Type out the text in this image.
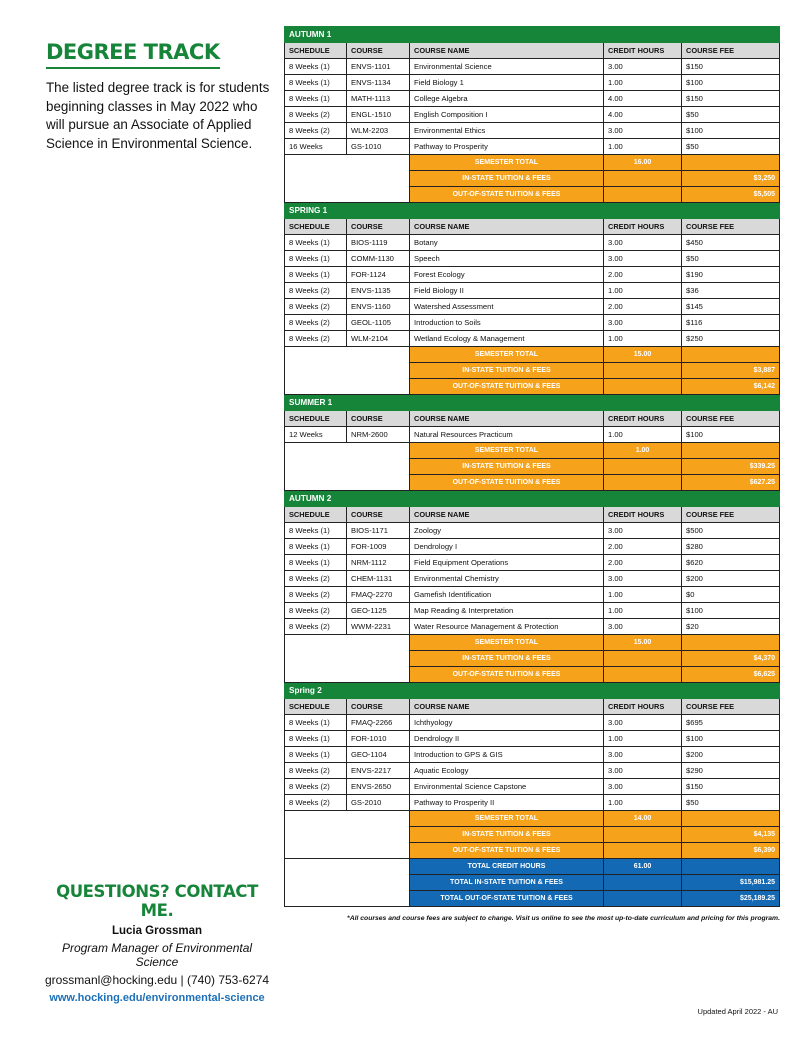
DEGREE TRACK
The listed degree track is for students beginning classes in May 2022 who will pursue an Associate of Applied Science in Environmental Science.
AUTUMN 1				
SCHEDULE	COURSE	COURSE NAME	CREDIT HOURS	COURSE FEE
8 Weeks (1)	ENVS-1101	Environmental Science	3.00	$150
8 Weeks (1)	ENVS-1134	Field Biology 1	1.00	$100
8 Weeks (1)	MATH-1113	College Algebra	4.00	$150
8 Weeks (2)	ENGL-1510	English Composition I	4.00	$50
8 Weeks (2)	WLM-2203	Environmental Ethics	3.00	$100
16 Weeks	GS-1010	Pathway to Prosperity	1.00	$50
		SEMESTER TOTAL	16.00	
		IN-STATE TUITION & FEES		$3,250
		OUT-OF-STATE TUITION & FEES		$5,505
SPRING 1				
SCHEDULE	COURSE	COURSE NAME	CREDIT HOURS	COURSE FEE
8 Weeks (1)	BIOS-1119	Botany	3.00	$450
8 Weeks (1)	COMM-1130	Speech	3.00	$50
8 Weeks (1)	FOR-1124	Forest Ecology	2.00	$190
8 Weeks (2)	ENVS-1135	Field Biology II	1.00	$36
8 Weeks (2)	ENVS-1160	Watershed Assessment	2.00	$145
8 Weeks (2)	GEOL-1105	Introduction to Soils	3.00	$116
8 Weeks (2)	WLM-2104	Wetland Ecology & Management	1.00	$250
		SEMESTER TOTAL	15.00	
		IN-STATE TUITION & FEES		$3,887
		OUT-OF-STATE TUITION & FEES		$6,142
SUMMER 1				
SCHEDULE	COURSE	COURSE NAME	CREDIT HOURS	COURSE FEE
12 Weeks	NRM-2600	Natural Resources Practicum	1.00	$100
		SEMESTER TOTAL	1.00	
		IN-STATE TUITION & FEES		$339.25
		OUT-OF-STATE TUITION & FEES		$627.25
AUTUMN 2				
SCHEDULE	COURSE	COURSE NAME	CREDIT HOURS	COURSE FEE
8 Weeks (1)	BIOS-1171	Zoology	3.00	$500
8 Weeks (1)	FOR-1009	Dendrology I	2.00	$280
8 Weeks (1)	NRM-1112	Field Equipment Operations	2.00	$620
8 Weeks (2)	CHEM-1131	Environmental Chemistry	3.00	$200
8 Weeks (2)	FMAQ-2270	Gamefish Identification	1.00	$0
8 Weeks (2)	GEO-1125	Map Reading & Interpretation	1.00	$100
8 Weeks (2)	WWM-2231	Water Resource Management & Protection	3.00	$20
		SEMESTER TOTAL	15.00	
		IN-STATE TUITION & FEES		$4,370
		OUT-OF-STATE TUITION & FEES		$6,625
Spring 2				
SCHEDULE	COURSE	COURSE NAME	CREDIT HOURS	COURSE FEE
8 Weeks (1)	FMAQ-2266	Ichthyology	3.00	$695
8 Weeks (1)	FOR-1010	Dendrology II	1.00	$100
8 Weeks (1)	GEO-1104	Introduction to GPS & GIS	3.00	$200
8 Weeks (2)	ENVS-2217	Aquatic Ecology	3.00	$290
8 Weeks (2)	ENVS-2650	Environmental Science Capstone	3.00	$150
8 Weeks (2)	GS-2010	Pathway to Prosperity II	1.00	$50
		SEMESTER TOTAL	14.00	
		IN-STATE TUITION & FEES		$4,135
		OUT-OF-STATE TUITION & FEES		$6,390
		TOTAL CREDIT HOURS	61.00	
		TOTAL IN-STATE TUITION & FEES		$15,981.25
		TOTAL OUT-OF-STATE TUITION & FEES		$25,189.25
QUESTIONS? CONTACT ME.
Lucia Grossman
Program Manager of Environmental Science
grossmanl@hocking.edu | (740) 753-6274
www.hocking.edu/environmental-science
*All courses and course fees are subject to change. Visit us online to see the most up-to-date curriculum and pricing for this program.
Updated April 2022 - AU
